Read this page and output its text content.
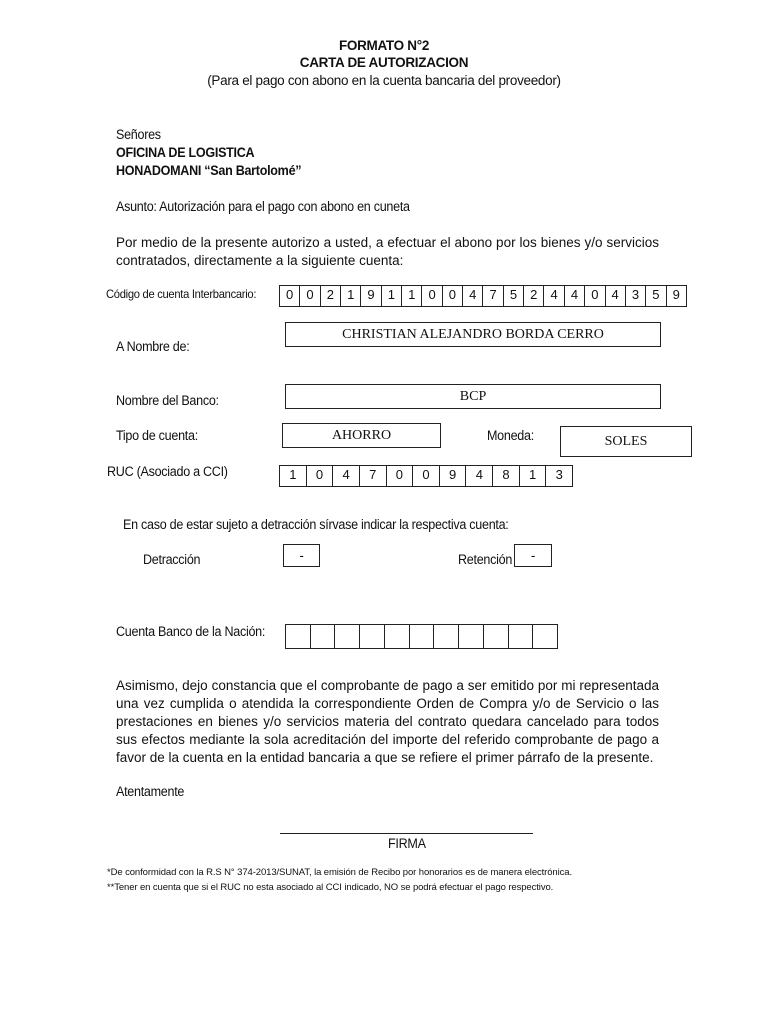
FORMATO N°2
CARTA DE AUTORIZACION
(Para el pago con abono en la cuenta bancaria del proveedor)
Señores
OFICINA DE LOGISTICA
HONADOMANI “San Bartolomé”
Asunto: Autorización para el pago con abono en cuneta
Por medio de la presente autorizo a usted, a efectuar el abono por los bienes y/o servicios contratados, directamente a la siguiente cuenta:
Código de cuenta Interbancario:	0	0	2	1	9	1	1	0	0	4	7	5	2	4	4	0	4	3	5	9
A Nombre de:
CHRISTIAN ALEJANDRO BORDA CERRO
Nombre del Banco:	BCP
Tipo de cuenta:	AHORRO	Moneda:	SOLES
RUC (Asociado a CCI)	1	0	4	7	0	0	9	4	8	1	3
En caso de estar sujeto a detracción sírvase indicar la respectiva cuenta:
Detracción	-	Retención	-
Cuenta Banco de la Nación:
Asimismo, dejo constancia que el comprobante de pago a ser emitido por mi representada una vez cumplida o atendida la correspondiente Orden de Compra y/o de Servicio o las prestaciones en bienes y/o servicios materia del contrato quedara cancelado para todos sus efectos mediante la sola acreditación del importe del referido comprobante de pago a favor de la cuenta en la entidad bancaria a que se refiere el primer párrafo de la presente.
Atentamente
FIRMA
*De conformidad con la R.S N° 374-2013/SUNAT, la emisión de Recibo por honorarios es de manera electrónica.
**Tener en cuenta que si el RUC no esta asociado al CCI indicado, NO se podrá efectuar el pago respectivo.
